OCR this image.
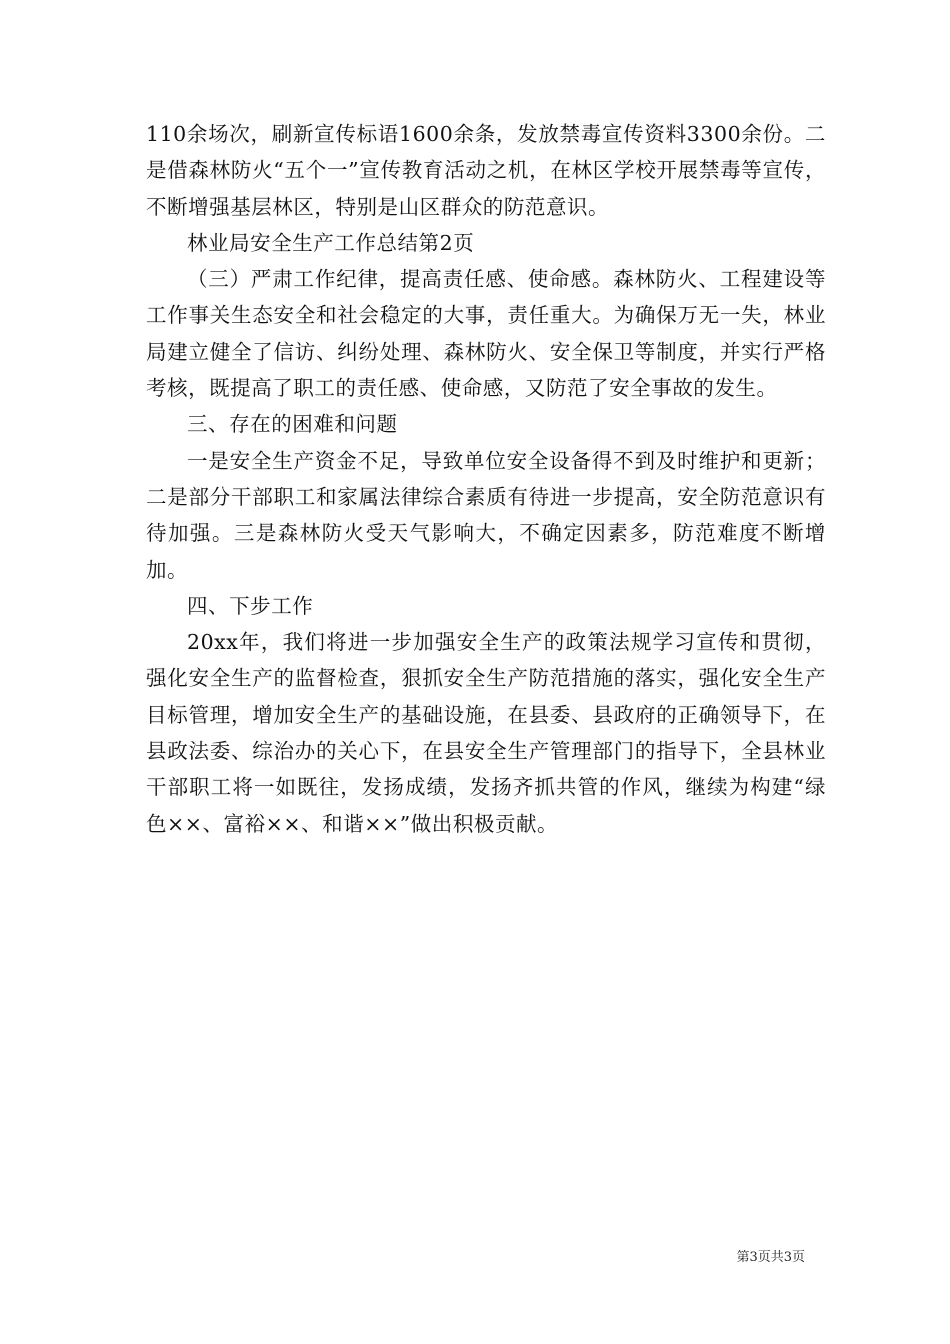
110余场次，刷新宣传标语1600余条，发放禁毒宣传资料3300余份。二是借森林防火“五个一”宣传教育活动之机，在林区学校开展禁毒等宣传，不断增强基层林区，特别是山区群众的防范意识。

林业局安全生产工作总结第2页

（三）严肃工作纪律，提高责任感、使命感。森林防火、工程建设等工作事关生态安全和社会稳定的大事，责任重大。为确保万无一失，林业局建立健全了信访、纠纷处理、森林防火、安全保卫等制度，并实行严格考核，既提高了职工的责任感、使命感，又防范了安全事故的发生。

三、存在的困难和问题

一是安全生产资金不足，导致单位安全设备得不到及时维护和更新；二是部分干部职工和家属法律综合素质有待进一步提高，安全防范意识有待加强。三是森林防火受天气影响大，不确定因素多，防范难度不断增加。

四、下步工作

20xx年，我们将进一步加强安全生产的政策法规学习宣传和贯彻，强化安全生产的监督检查，狠抓安全生产防范措施的落实，强化安全生产目标管理，增加安全生产的基础设施，在县委、县政府的正确领导下，在县政法委、综治办的关心下，在县安全生产管理部门的指导下，全县林业干部职工将一如既往，发扬成绩，发扬齐抓共管的作风，继续为构建“绿色××、富裕××、和谐××”做出积极贡献。

第3页共3页
